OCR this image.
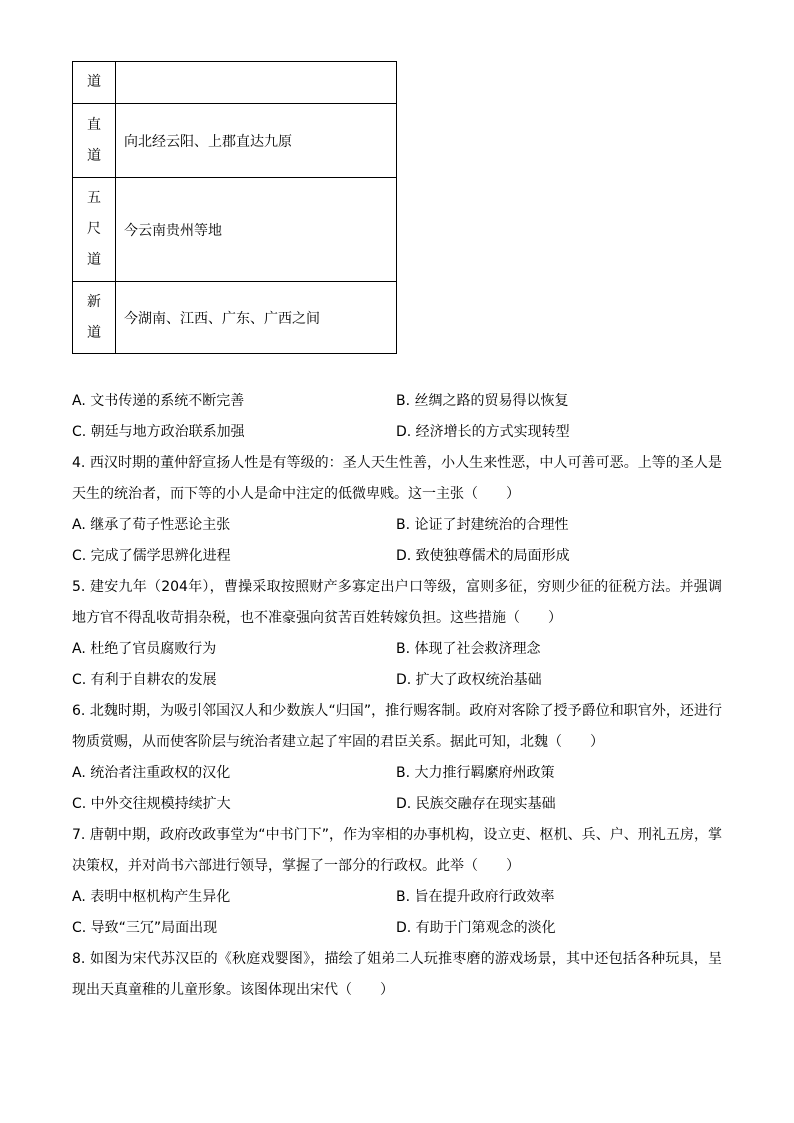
道	

直
道	向北经云阳、上郡直达九原

五
尺
道	今云南贵州等地

新
道	今湖南、江西、广东、广西之间
A. 文书传递的系统不断完善	B. 丝绸之路的贸易得以恢复
C. 朝廷与地方政治联系加强	D. 经济增长的方式实现转型
4. 西汉时期的董仲舒宣扬人性是有等级的：圣人天生性善，小人生来性恶，中人可善可恶。上等的圣人是天生的统治者，而下等的小人是命中注定的低微卑贱。这一主张（　　）
A. 继承了荀子性恶论主张	B. 论证了封建统治的合理性
C. 完成了儒学思辨化进程	D. 致使独尊儒术的局面形成
5. 建安九年（204年），曹操采取按照财产多寡定出户口等级，富则多征，穷则少征的征税方法。并强调地方官不得乱收苛捐杂税，也不准豪强向贫苦百姓转嫁负担。这些措施（　　）
A. 杜绝了官员腐败行为	B. 体现了社会救济理念
C. 有利于自耕农的发展	D. 扩大了政权统治基础
6. 北魏时期，为吸引邻国汉人和少数族人“归国”，推行赐客制。政府对客除了授予爵位和职官外，还进行物质赏赐，从而使客阶层与统治者建立起了牢固的君臣关系。据此可知，北魏（　　）
A. 统治者注重政权的汉化	B. 大力推行羁縻府州政策
C. 中外交往规模持续扩大	D. 民族交融存在现实基础
7. 唐朝中期，政府改政事堂为“中书门下”，作为宰相的办事机构，设立吏、枢机、兵、户、刑礼五房，掌决策权，并对尚书六部进行领导，掌握了一部分的行政权。此举（　　）
A. 表明中枢机构产生异化	B. 旨在提升政府行政效率
C. 导致“三冗”局面出现	D. 有助于门第观念的淡化
8. 如图为宋代苏汉臣的《秋庭戏婴图》，描绘了姐弟二人玩推枣磨的游戏场景，其中还包括各种玩具，呈现出天真童稚的儿童形象。该图体现出宋代（　　）
